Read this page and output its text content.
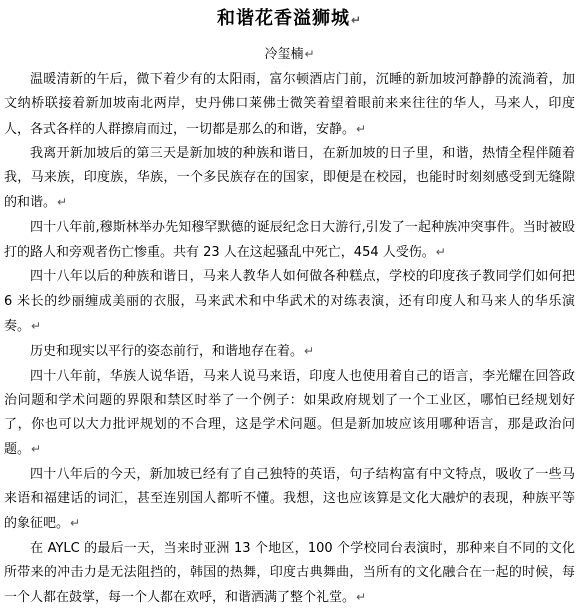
和谐花香溢狮城↵

冷玺楠↵

温暖清新的午后，微下着少有的太阳雨，富尔顿酒店门前，沉睡的新加坡河静静的流淌着，加文纳桥联接着新加坡南北两岸，史丹佛口莱佛士微笑着望着眼前来来往往的华人，马来人，印度人，各式各样的人群擦肩而过，一切都是那么的和谐，安静。↵

我离开新加坡后的第三天是新加坡的种族和谐日，在新加坡的日子里，和谐，热情全程伴随着我，马来族，印度族，华族，一个多民族存在的国家，即便是在校园，也能时时刻刻感受到无缝隙的和谐。↵

四十八年前,穆斯林举办先知穆罕默德的诞辰纪念日大游行,引发了一起种族冲突事件。当时被殴打的路人和旁观者伤亡惨重。共有 23 人在这起骚乱中死亡，454 人受伤。↵

四十八年以后的种族和谐日，马来人教华人如何做各种糕点，学校的印度孩子教同学们如何把 6 米长的纱丽缠成美丽的衣服，马来武术和中华武术的对练表演，还有印度人和马来人的华乐演奏。↵

历史和现实以平行的姿态前行，和谐地存在着。↵

四十八年前，华族人说华语，马来人说马来语，印度人也使用着自己的语言，李光耀在回答政治问题和学术问题的界限和禁区时举了一个例子：如果政府规划了一个工业区，哪怕已经规划好了，你也可以大力批评规划的不合理，这是学术问题。但是新加坡应该用哪种语言，那是政治问题。↵

四十八年后的今天，新加坡已经有了自己独特的英语，句子结构富有中文特点，吸收了一些马来语和福建话的词汇，甚至连别国人都听不懂。我想，这也应该算是文化大融炉的表现，种族平等的象征吧。↵

在 AYLC 的最后一天，当来时亚洲 13 个地区，100 个学校同台表演时，那种来自不同的文化所带来的冲击力是无法阻挡的，韩国的热舞，印度古典舞曲，当所有的文化融合在一起的时候，每一个人都在鼓掌，每一个人都在欢呼，和谐洒满了整个礼堂。↵
